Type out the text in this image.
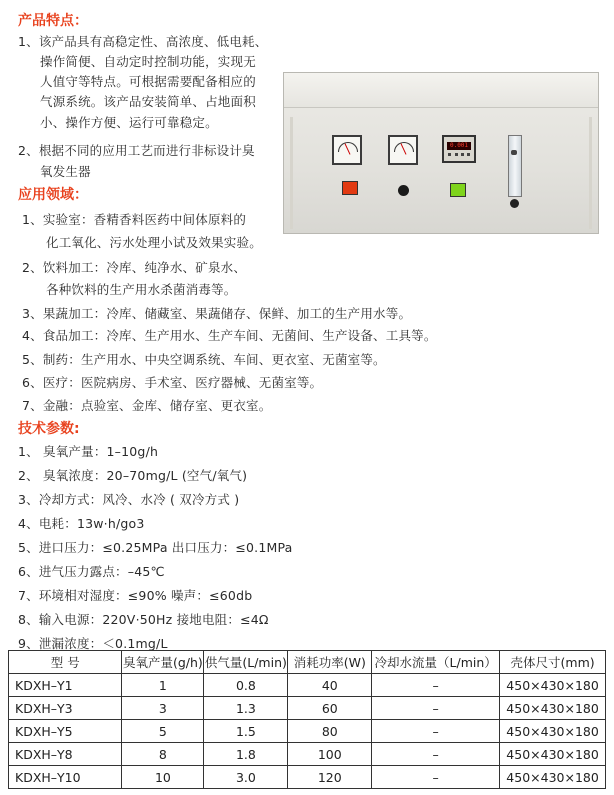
产品特点：
1、该产品具有高稳定性、高浓度、低电耗、
操作简便、自动定时控制功能，实现无
人值守等特点。可根据需要配备相应的
气源系统。该产品安装简单、占地面积
小、操作方便、运行可靠稳定。
2、根据不同的应用工艺而进行非标设计臭
氧发生器
应用领域：
1、实验室：香精香料医药中间体原料的
化工氧化、污水处理小试及效果实验。
2、饮料加工：冷库、纯净水、矿泉水、
各种饮料的生产用水杀菌消毒等。
3、果蔬加工：冷库、储藏室、果蔬储存、保鲜、加工的生产用水等。
4、食品加工：冷库、生产用水、生产车间、无菌间、生产设备、工具等。
5、制药：生产用水、中央空调系统、车间、更衣室、无菌室等。
6、医疗：医院病房、手术室、医疗器械、无菌室等。
7、金融：点验室、金库、储存室、更衣室。
技术参数:
1、 臭氧产量：1–10g/h
2、 臭氧浓度：20–70mg/L (空气/氧气)
3、冷却方式：风冷、水冷 ( 双冷方式 )
4、电耗：13w·h/go3
5、进口压力：≤0.25MPa 出口压力：≤0.1MPa
6、进气压力露点：–45℃
7、环境相对湿度：≤90% 噪声：≤60db
8、输入电源：220V·50Hz 接地电阻：≤4Ω
9、泄漏浓度：＜0.1mg/L
0.001
型 号	臭氧产量(g/h)	供气量(L/min)	消耗功率(W)	冷却水流量（L/min）	壳体尺寸(mm)
KDXH–Y1	1	0.8	40	–	450×430×180
KDXH–Y3	3	1.3	60	–	450×430×180
KDXH–Y5	5	1.5	80	–	450×430×180
KDXH–Y8	8	1.8	100	–	450×430×180
KDXH–Y10	10	3.0	120	–	450×430×180
